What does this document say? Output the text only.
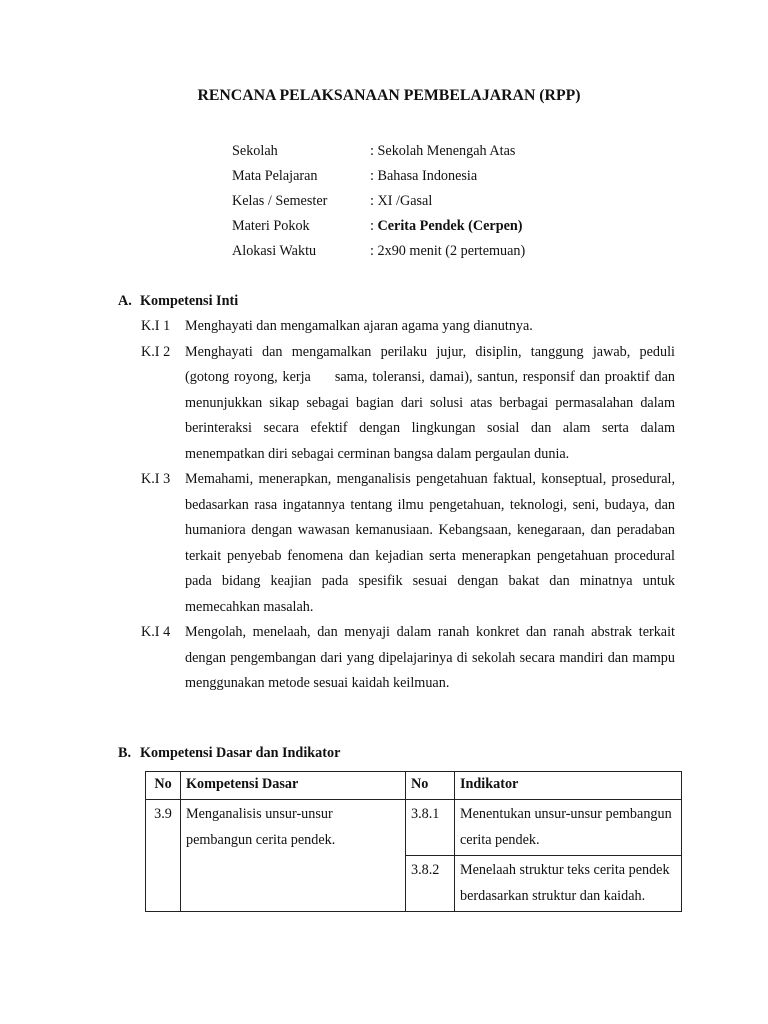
RENCANA PELAKSANAAN PEMBELAJARAN (RPP)
Sekolah	: Sekolah Menengah Atas
Mata Pelajaran	: Bahasa Indonesia
Kelas / Semester	: XI /Gasal
Materi Pokok	: Cerita Pendek (Cerpen)
Alokasi Waktu	: 2x90 menit (2 pertemuan)
A. Kompetensi Inti
K.I 1	Menghayati dan mengamalkan ajaran agama yang dianutnya.
K.I 2	Menghayati dan mengamalkan perilaku jujur, disiplin, tanggung jawab, peduli (gotong royong, kerja     sama, toleransi, damai), santun, responsif dan proaktif dan menunjukkan sikap sebagai bagian dari solusi atas berbagai permasalahan dalam berinteraksi secara efektif dengan lingkungan sosial dan alam serta dalam menempatkan diri sebagai cerminan bangsa dalam pergaulan dunia.
K.I 3	Memahami, menerapkan, menganalisis pengetahuan faktual, konseptual, prosedural, bedasarkan rasa ingatannya tentang ilmu pengetahuan, teknologi, seni, budaya, dan humaniora dengan wawasan kemanusiaan. Kebangsaan, kenegaraan, dan peradaban terkait penyebab fenomena dan kejadian serta menerapkan pengetahuan procedural pada bidang keajian pada spesifik sesuai dengan bakat dan minatnya untuk memecahkan masalah.
K.I 4	Mengolah, menelaah, dan menyaji dalam ranah konkret dan ranah abstrak terkait dengan pengembangan dari yang dipelajarinya di sekolah secara mandiri dan mampu menggunakan metode sesuai kaidah keilmuan.
B. Kompetensi Dasar dan Indikator
No	Kompetensi Dasar	No	Indikator
3.9	Menganalisis unsur-unsur pembangun cerita pendek.	3.8.1	Menentukan unsur-unsur pembangun cerita pendek.
		3.8.2	Menelaah struktur teks cerita pendek berdasarkan struktur dan kaidah.
